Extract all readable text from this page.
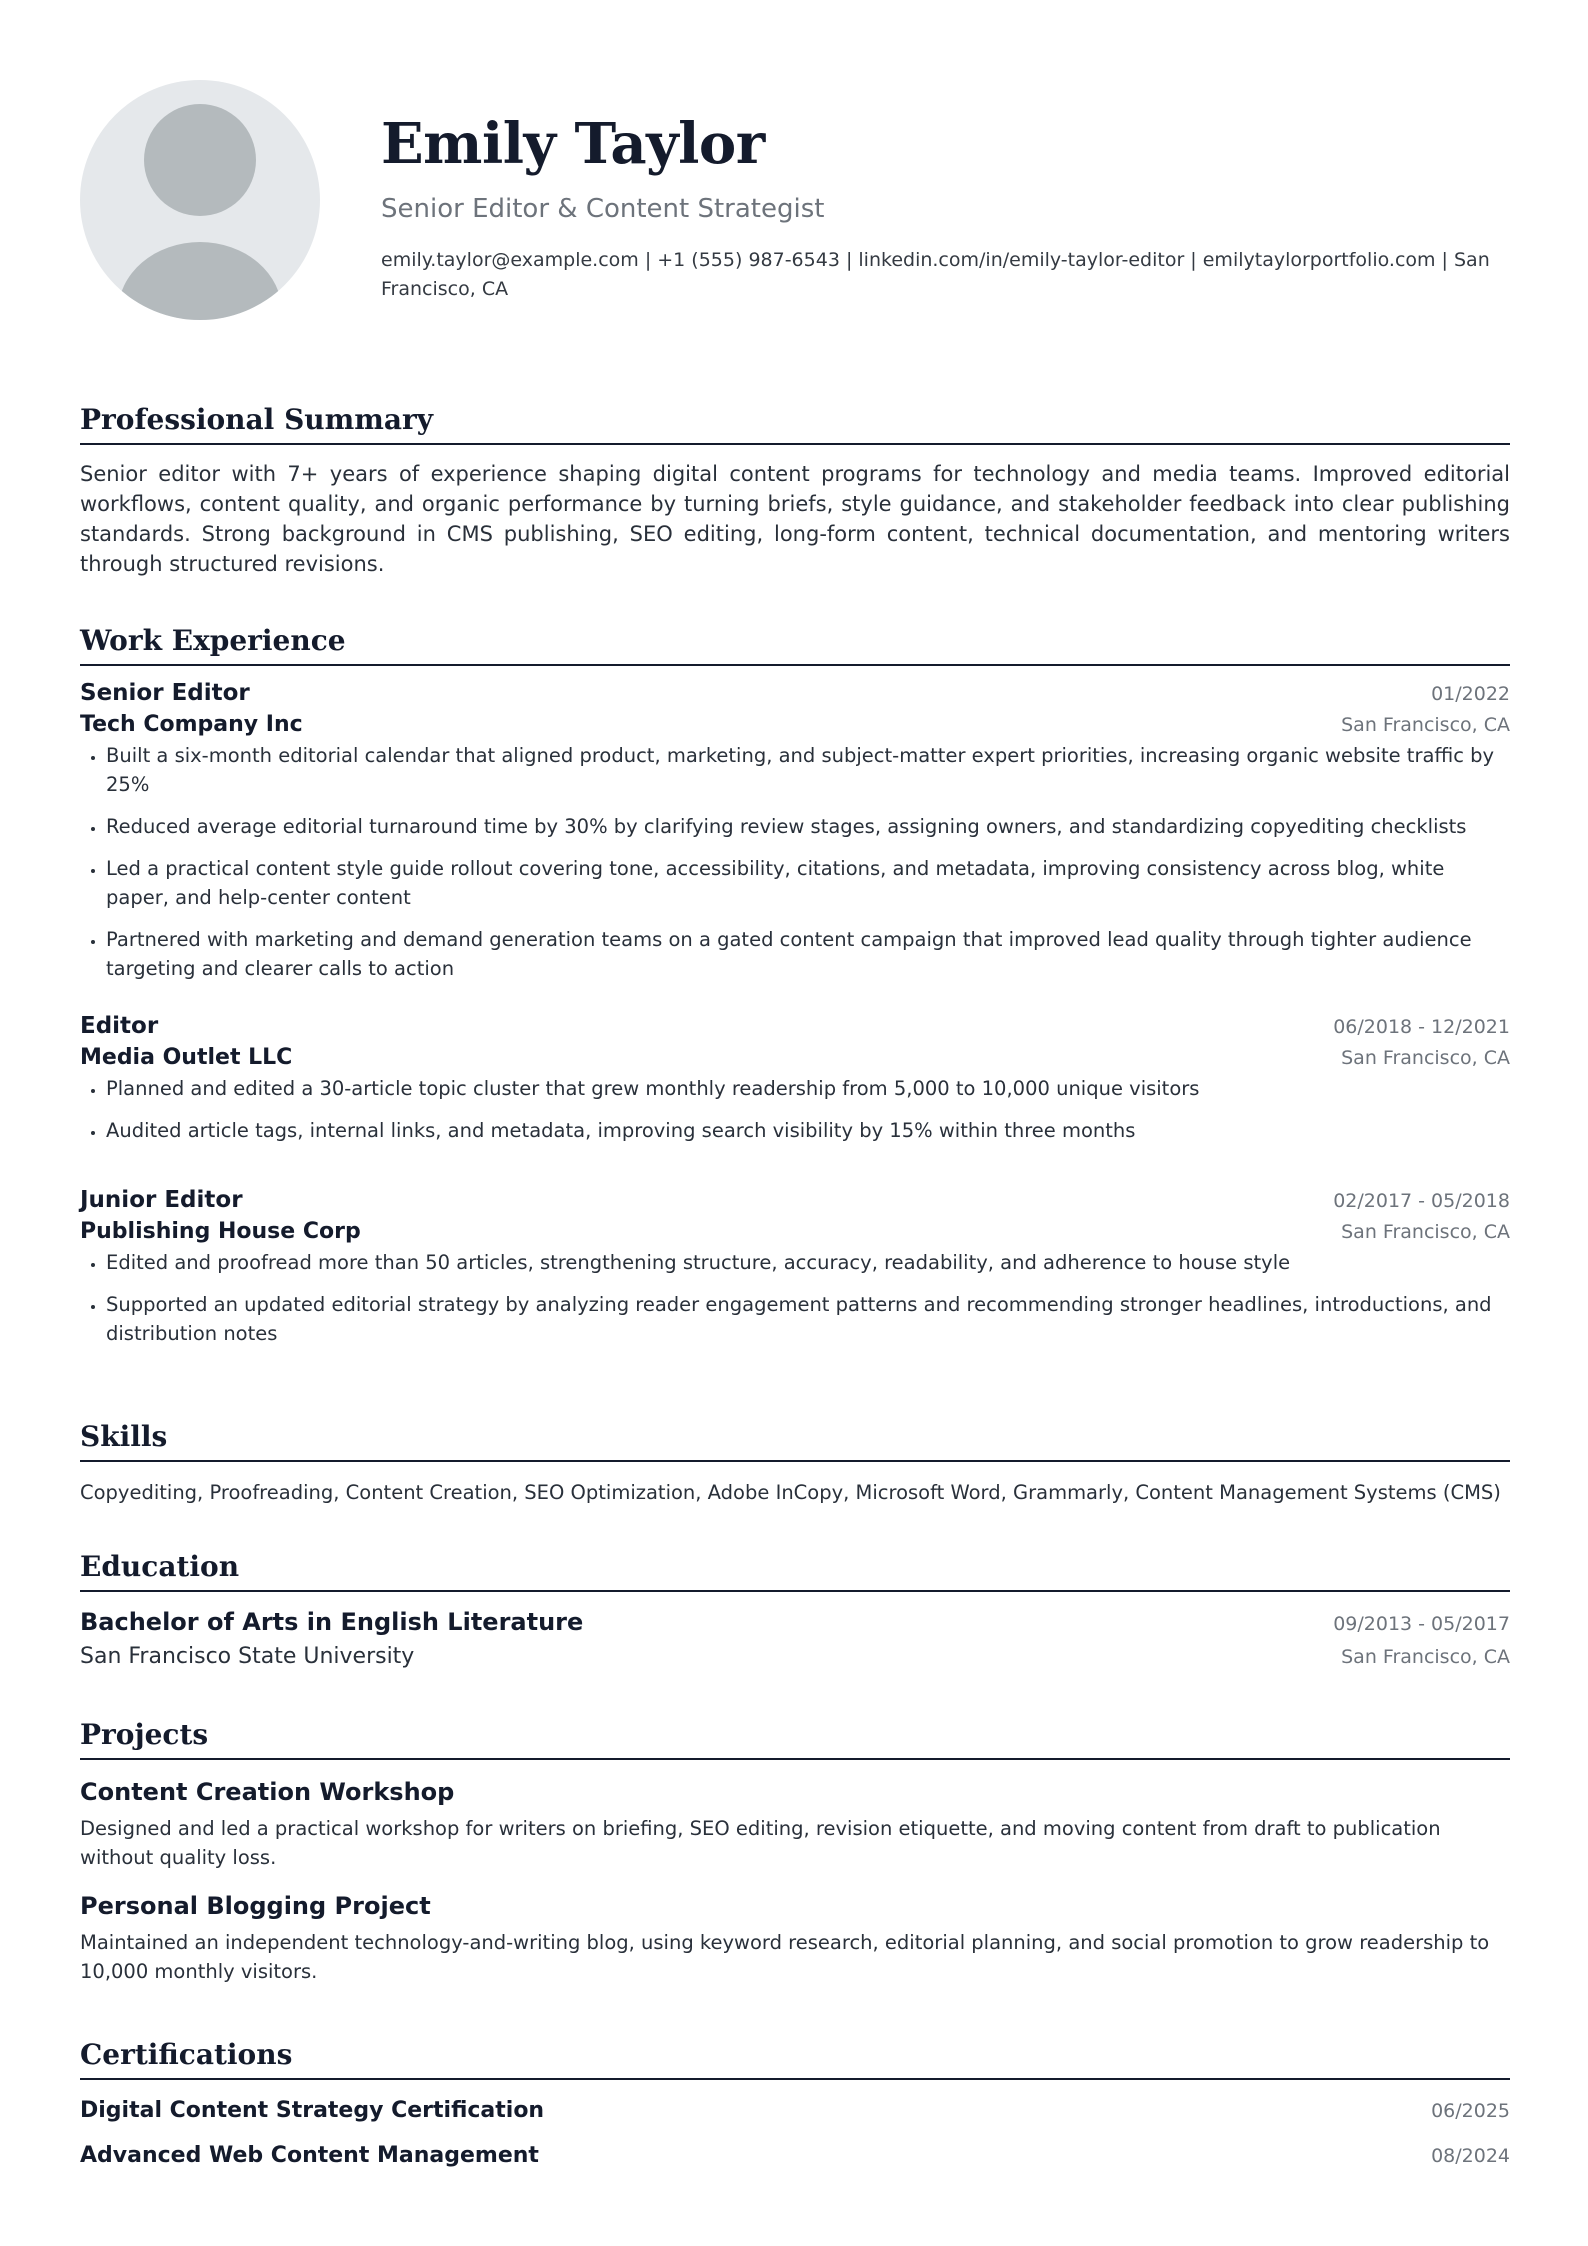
Emily Taylor
Senior Editor & Content Strategist
emily.taylor@example.com | +1 (555) 987-6543 | linkedin.com/in/emily-taylor-editor | emilytaylorportfolio.com | San Francisco, CA
Professional Summary
Senior editor with 7+ years of experience shaping digital content programs for technology and media teams. Improved editorial workflows, content quality, and organic performance by turning briefs, style guidance, and stakeholder feedback into clear publishing standards. Strong background in CMS publishing, SEO editing, long-form content, technical documentation, and mentoring writers through structured revisions.
Work Experience
Senior Editor	01/2022
Tech Company Inc	San Francisco, CA
• Built a six-month editorial calendar that aligned product, marketing, and subject-matter expert priorities, increasing organic website traffic by 25%
• Reduced average editorial turnaround time by 30% by clarifying review stages, assigning owners, and standardizing copyediting checklists
• Led a practical content style guide rollout covering tone, accessibility, citations, and metadata, improving consistency across blog, white paper, and help-center content
• Partnered with marketing and demand generation teams on a gated content campaign that improved lead quality through tighter audience targeting and clearer calls to action
Editor	06/2018 - 12/2021
Media Outlet LLC	San Francisco, CA
• Planned and edited a 30-article topic cluster that grew monthly readership from 5,000 to 10,000 unique visitors
• Audited article tags, internal links, and metadata, improving search visibility by 15% within three months
Junior Editor	02/2017 - 05/2018
Publishing House Corp	San Francisco, CA
• Edited and proofread more than 50 articles, strengthening structure, accuracy, readability, and adherence to house style
• Supported an updated editorial strategy by analyzing reader engagement patterns and recommending stronger headlines, introductions, and distribution notes
Skills
Copyediting, Proofreading, Content Creation, SEO Optimization, Adobe InCopy, Microsoft Word, Grammarly, Content Management Systems (CMS)
Education
Bachelor of Arts in English Literature	09/2013 - 05/2017
San Francisco State University	San Francisco, CA
Projects
Content Creation Workshop
Designed and led a practical workshop for writers on briefing, SEO editing, revision etiquette, and moving content from draft to publication without quality loss.
Personal Blogging Project
Maintained an independent technology-and-writing blog, using keyword research, editorial planning, and social promotion to grow readership to 10,000 monthly visitors.
Certifications
Digital Content Strategy Certification	06/2025
Advanced Web Content Management	08/2024
